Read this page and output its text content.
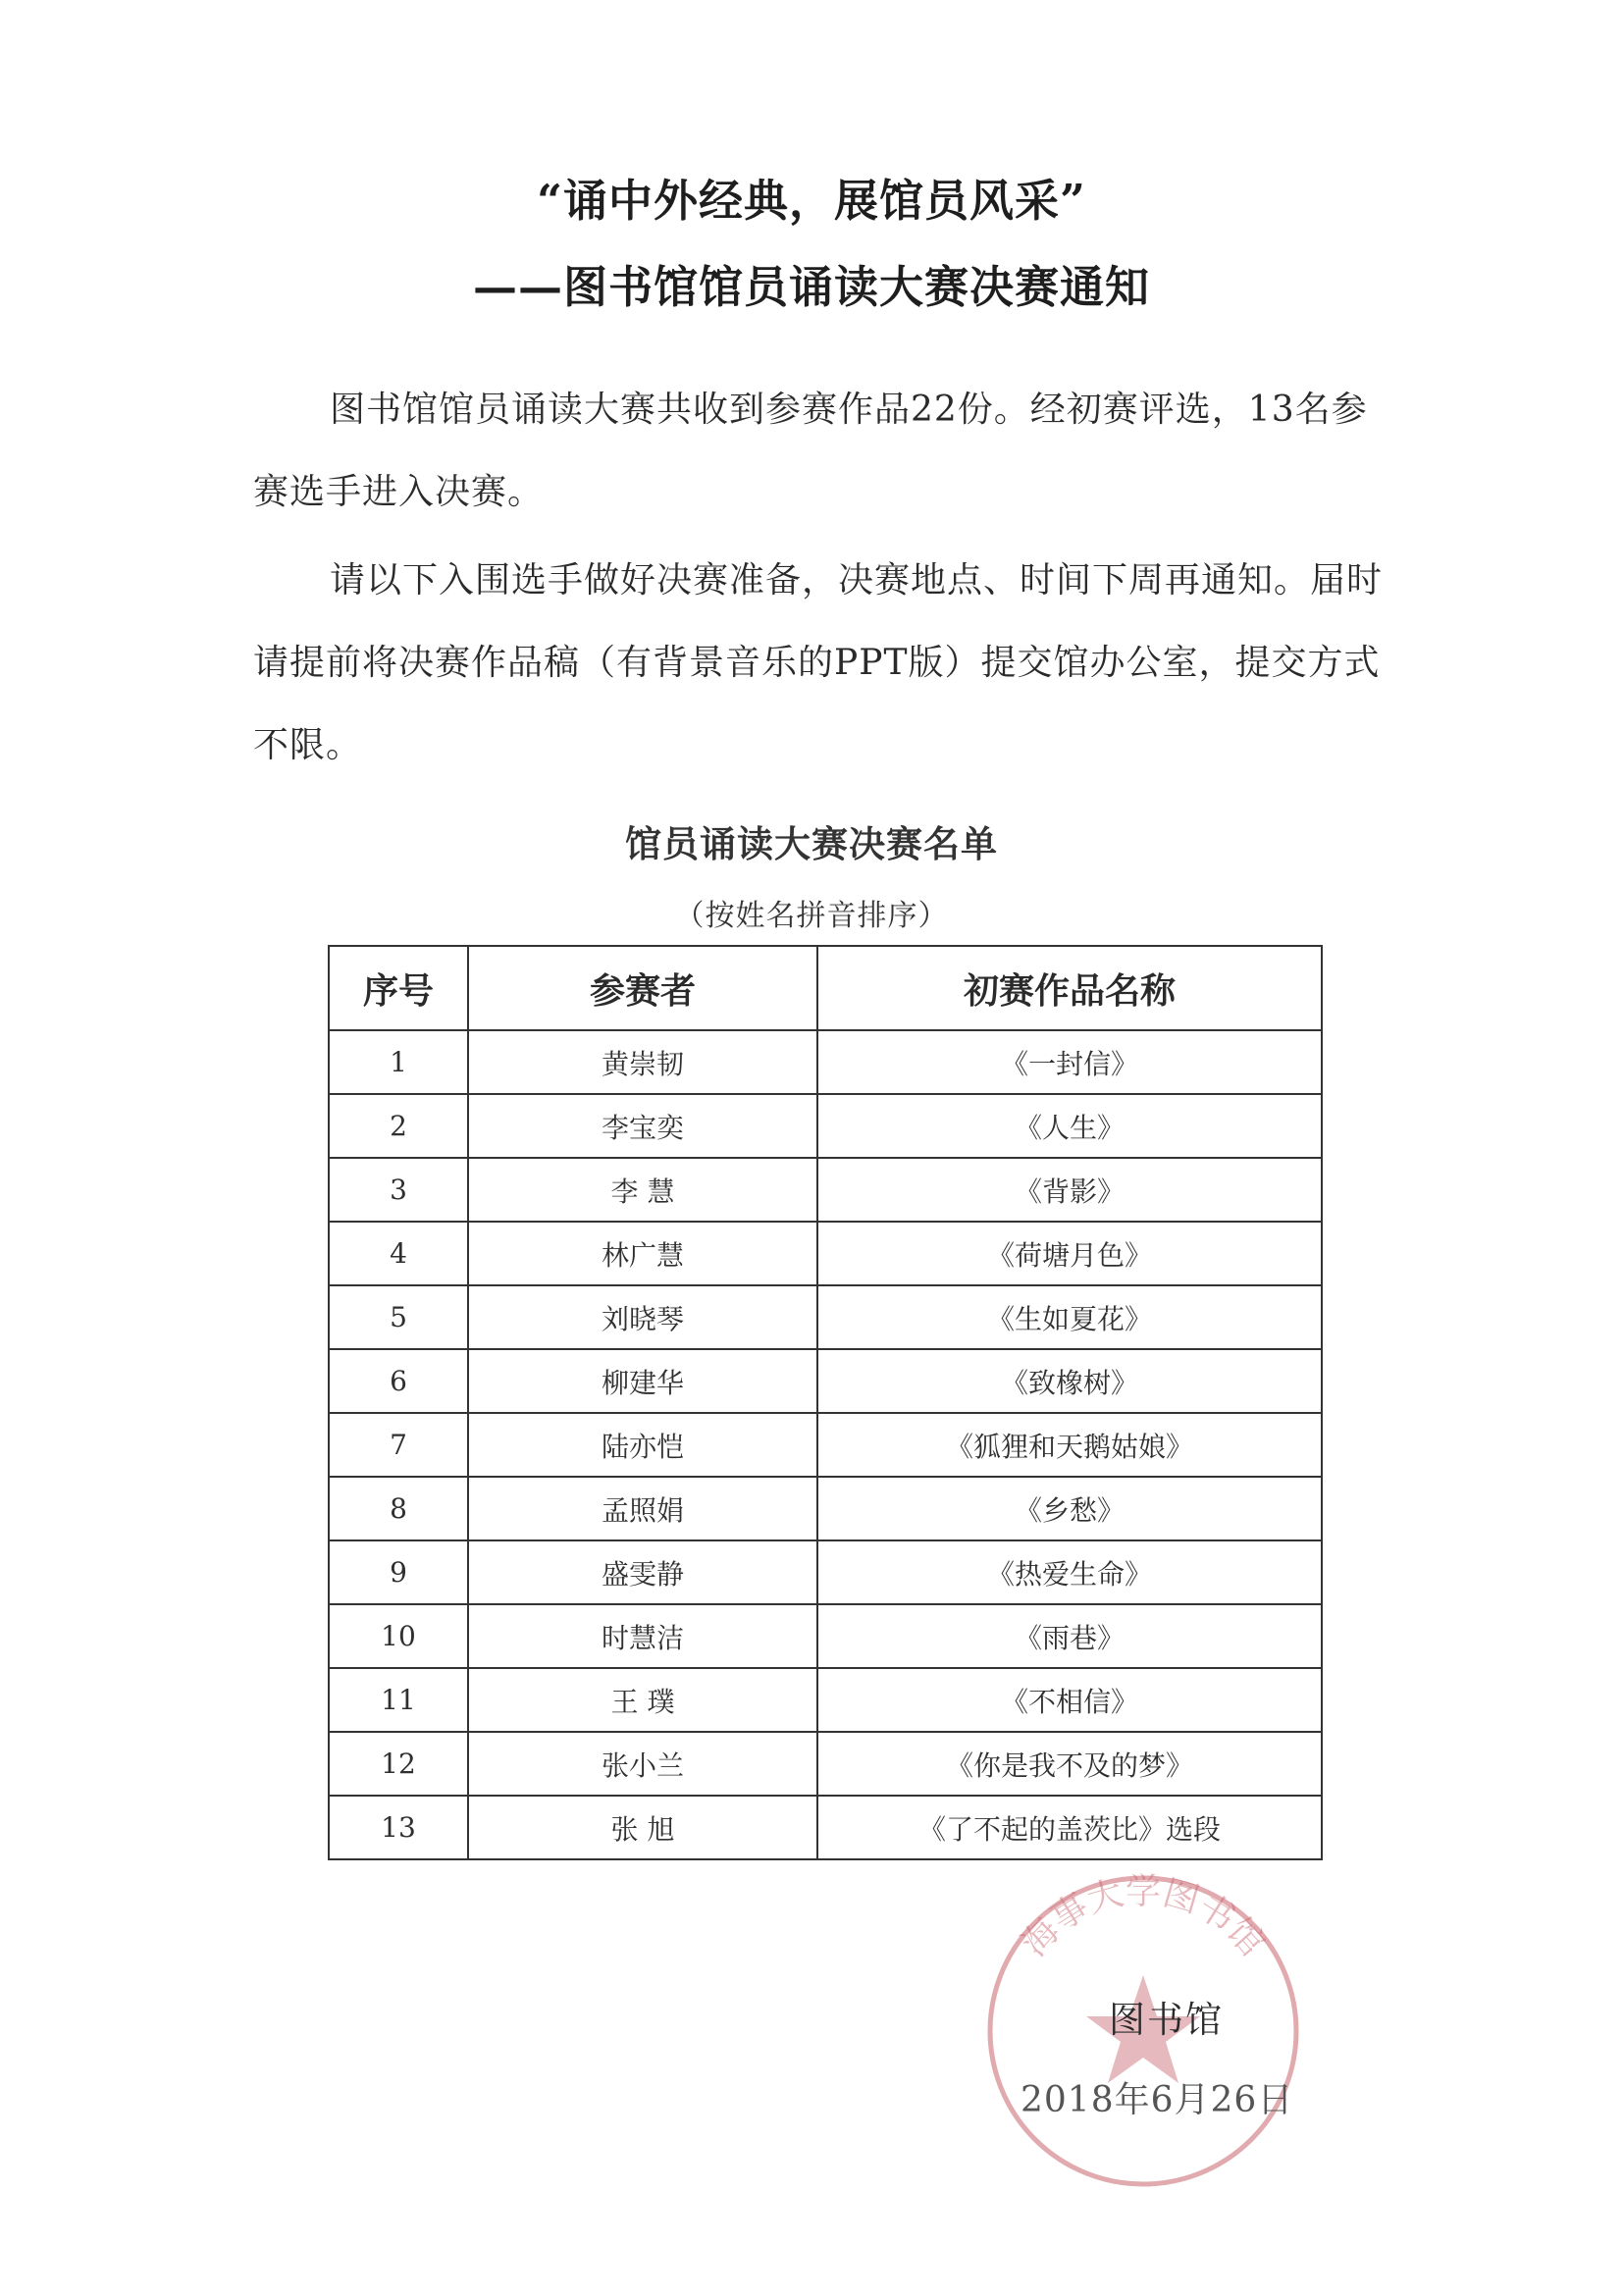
“诵中外经典，展馆员风采”
——图书馆馆员诵读大赛决赛通知
图书馆馆员诵读大赛共收到参赛作品22份。经初赛评选，13名参赛选手进入决赛。
请以下入围选手做好决赛准备，决赛地点、时间下周再通知。届时请提前将决赛作品稿（有背景音乐的PPT版）提交馆办公室，提交方式不限。
馆员诵读大赛决赛名单
（按姓名拼音排序）
序号	参赛者	初赛作品名称
1	黄崇韧	《一封信》
2	李宝奕	《人生》
3	李 慧	《背影》
4	林广慧	《荷塘月色》
5	刘晓琴	《生如夏花》
6	柳建华	《致橡树》
7	陆亦恺	《狐狸和天鹅姑娘》
8	孟照娟	《乡愁》
9	盛雯静	《热爱生命》
10	时慧洁	《雨巷》
11	王 璞	《不相信》
12	张小兰	《你是我不及的梦》
13	张 旭	《了不起的盖茨比》选段
海事大学图书馆
图书馆
2018年6月26日
